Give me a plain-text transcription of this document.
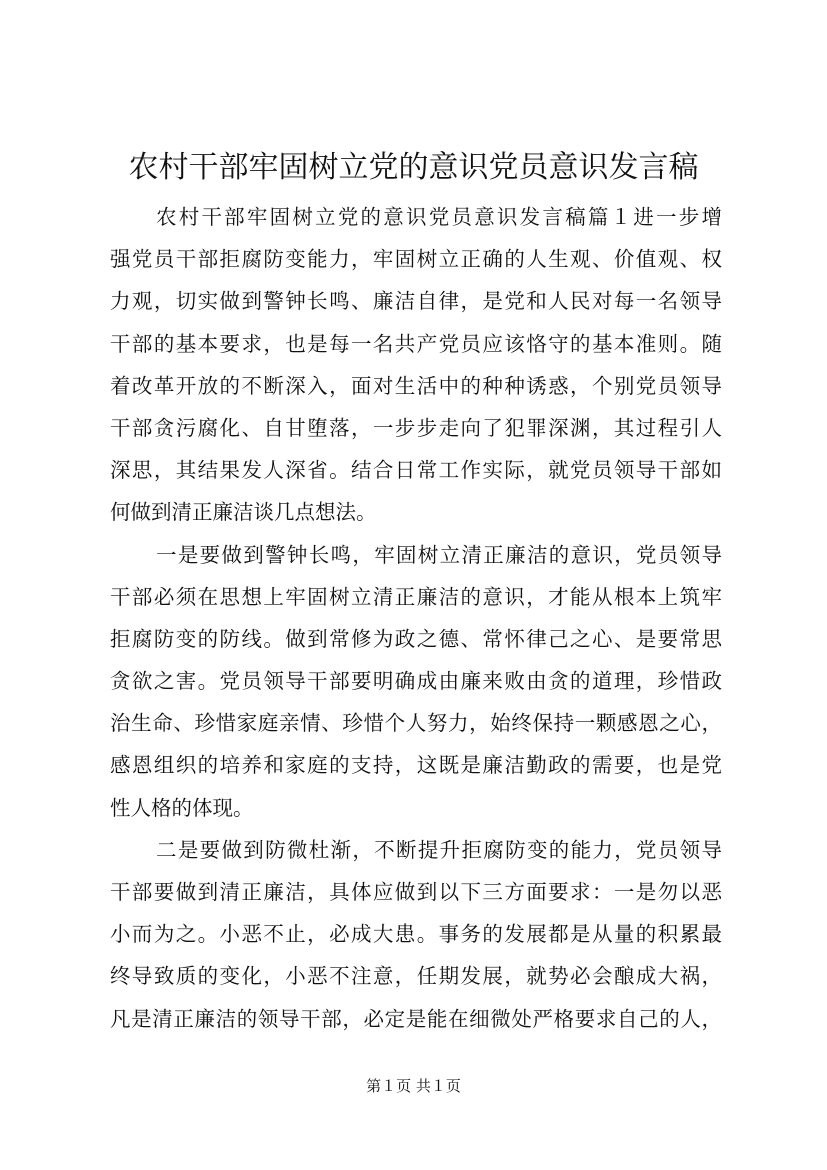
农村干部牢固树立党的意识党员意识发言稿
农村干部牢固树立党的意识党员意识发言稿篇１进一步增
强党员干部拒腐防变能力，牢固树立正确的人生观、价值观、权
力观，切实做到警钟长鸣、廉洁自律，是党和人民对每一名领导
干部的基本要求，也是每一名共产党员应该恪守的基本准则。随
着改革开放的不断深入，面对生活中的种种诱惑，个别党员领导
干部贪污腐化、自甘堕落，一步步走向了犯罪深渊，其过程引人
深思，其结果发人深省。结合日常工作实际，就党员领导干部如
何做到清正廉洁谈几点想法。
一是要做到警钟长鸣，牢固树立清正廉洁的意识，党员领导
干部必须在思想上牢固树立清正廉洁的意识，才能从根本上筑牢
拒腐防变的防线。做到常修为政之德、常怀律己之心、是要常思
贪欲之害。党员领导干部要明确成由廉来败由贪的道理，珍惜政
治生命、珍惜家庭亲情、珍惜个人努力，始终保持一颗感恩之心，
感恩组织的培养和家庭的支持，这既是廉洁勤政的需要，也是党
性人格的体现。
二是要做到防微杜渐，不断提升拒腐防变的能力，党员领导
干部要做到清正廉洁，具体应做到以下三方面要求：一是勿以恶
小而为之。小恶不止，必成大患。事务的发展都是从量的积累最
终导致质的变化，小恶不注意，任期发展，就势必会酿成大祸，
凡是清正廉洁的领导干部，必定是能在细微处严格要求自己的人，
第１页 共１页
